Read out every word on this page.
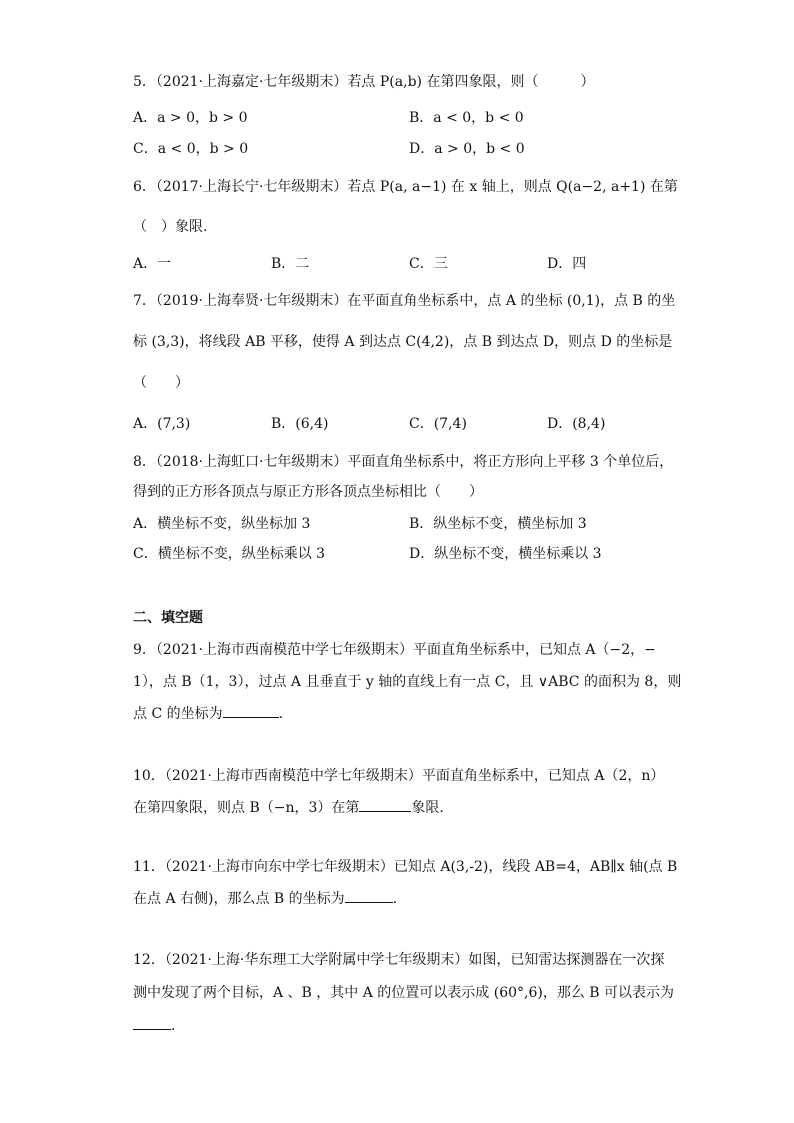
5．（2021·上海嘉定·七年级期末）若点 P(a,b) 在第四象限，则（　　　）
A．a > 0，b > 0	B．a < 0，b < 0
C．a < 0，b > 0	D．a > 0，b < 0
6．（2017·上海长宁·七年级期末）若点 P(a, a−1) 在 x 轴上，则点 Q(a−2, a+1) 在第
（　）象限.
A．一	B．二	C．三	D．四
7．（2019·上海奉贤·七年级期末）在平面直角坐标系中，点 A 的坐标 (0,1)，点 B 的坐
标 (3,3)，将线段 AB 平移，使得 A 到达点 C(4,2)，点 B 到达点 D，则点 D 的坐标是
（　　）
A．(7,3)	B．(6,4)	C．(7,4)	D．(8,4)
8．（2018·上海虹口·七年级期末）平面直角坐标系中，将正方形向上平移 3 个单位后，
得到的正方形各顶点与原正方形各顶点坐标相比（　　）
A．横坐标不变，纵坐标加 3	B．纵坐标不变，横坐标加 3
C．横坐标不变，纵坐标乘以 3	D．纵坐标不变，横坐标乘以 3
二、填空题
9．（2021·上海市西南模范中学七年级期末）平面直角坐标系中，已知点 A（−2，−
1），点 B（1，3），过点 A 且垂直于 y 轴的直线上有一点 C，且 ∨ABC 的面积为 8，则
点 C 的坐标为	.
10．（2021·上海市西南模范中学七年级期末）平面直角坐标系中，已知点 A（2，n）
在第四象限，则点 B（−n，3）在第	象限.
11．（2021·上海市向东中学七年级期末）已知点 A(3,-2)，线段 AB=4，AB∥x 轴(点 B
在点 A 右侧)，那么点 B 的坐标为	.
12．（2021·上海·华东理工大学附属中学七年级期末）如图，已知雷达探测器在一次探
测中发现了两个目标，A 、B ，其中 A 的位置可以表示成 (60°,6)，那么 B 可以表示为
.
